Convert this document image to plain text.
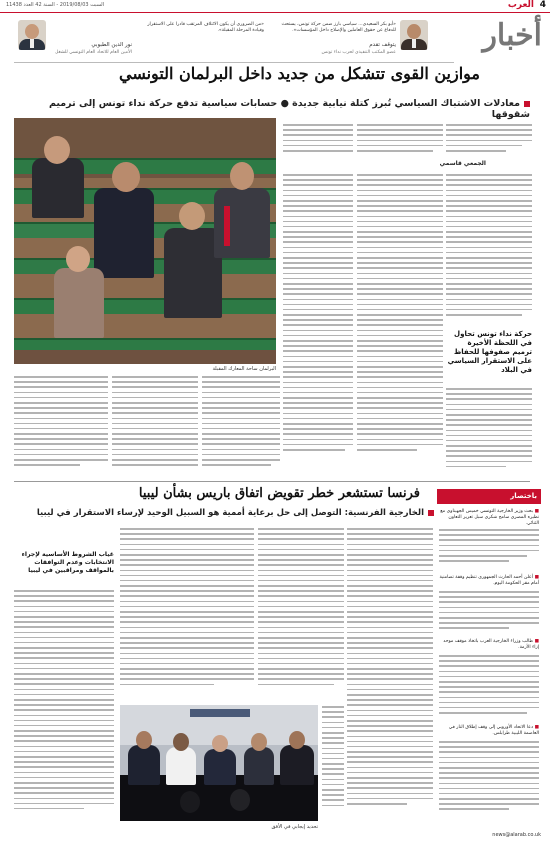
4
العرب
السبت 2019/08/03 - السنة 42 العدد 11438
أخبار
«أبو بكر السعيدي... سياسي بارز ضمن حركة تونس، يستحث للدفاع عن حقوق العاملين والإصلاح داخل المؤسسات».
يتوقف تقدم
عضو المكتب التنفيذي لحزب نداء تونس
«من الضروري أن يكون الائتلاف المرتقب قادرا على الاستقرار وقيادة المرحلة المقبلة».
نور الدين الطبوبي
الأمين العام للاتحاد العام التونسي للشغل
موازين القوى تتشكل من جديد داخل البرلمان التونسي
معادلات الاشتباك السياسي تُبرز كتلة نيابية جديدة ● حسابات سياسية تدفع حركة نداء تونس إلى ترميم شقوقها
البرلمان ساحة المعارك المقبلة
الجمعي قاسمي
حركة نداء تونس تحاول في اللحظة الأخيرة ترميم صفوفها للحفاظ على الاستقرار السياسي في البلاد
فرنسا تستشعر خطر تقويض اتفاق باريس بشأن ليبيا
الخارجية الفرنسية: التوصل إلى حل برعاية أممية هو السبيل الوحيد لإرساء الاستقرار في ليبيا
باختصار
■ بحث وزير الخارجية التونسي خميس الجهيناوي مع نظيره المصري سامح شكري سبل تعزيز التعاون الثنائي.
■ أعلن أحمد الحارث الجمهوري تنظيم وقفة تضامنية أمام مقر الحكومة اليوم.
■ طالب وزراء الخارجية العرب باتخاذ موقف موحد إزاء الأزمة.
■ دعا الاتحاد الأوروبي إلى وقف إطلاق النار في العاصمة الليبية طرابلس.
news@alarab.co.uk
غياب الشروط الأساسية لإجراء الانتخابات وعدم التوافقات بالمواقف ومراقبين في ليبيا
تحديد إيجابي في الأفق
